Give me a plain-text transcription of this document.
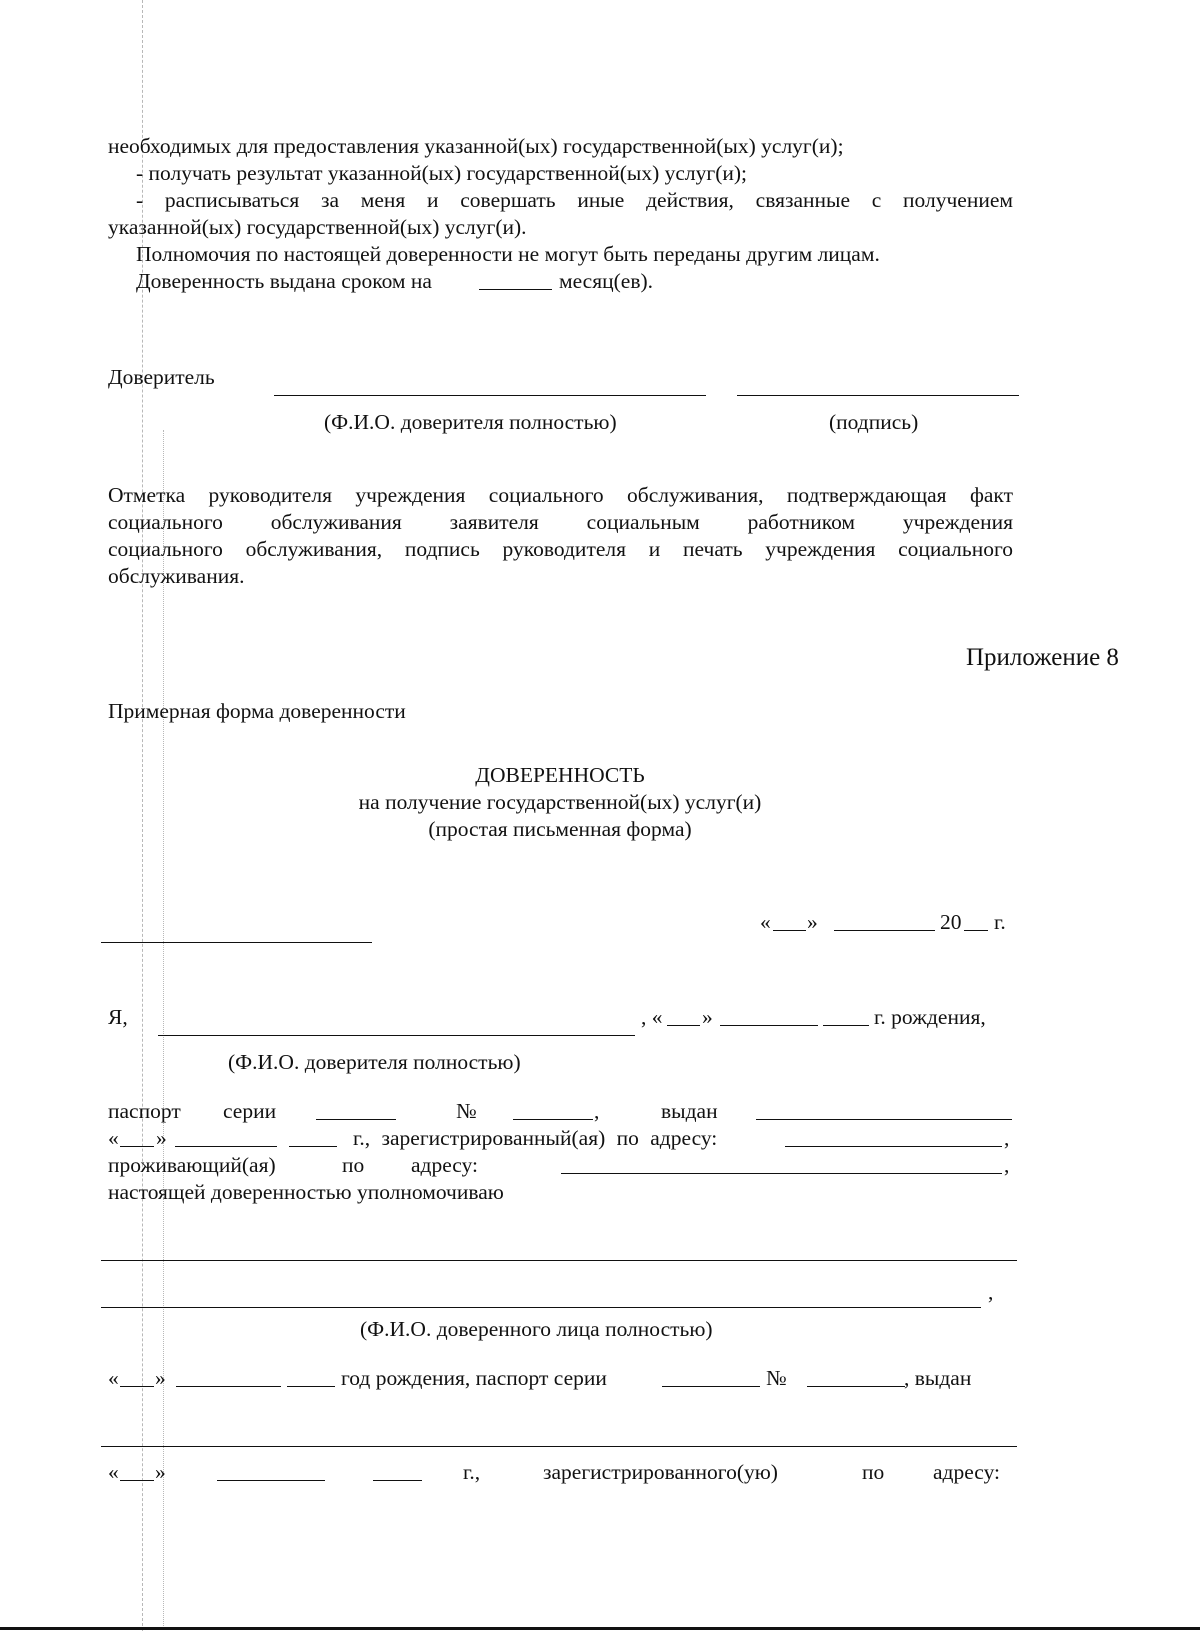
необходимых для предоставления указанной(ых) государственной(ых) услуг(и);

- получать результат указанной(ых) государственной(ых) услуг(и);

- расписываться за меня и совершать иные действия, связанные с получением

указанной(ых) государственной(ых) услуг(и).

Полномочия по настоящей доверенности не могут быть переданы другим лицам.

Доверенность выдана сроком на	месяц(ев).

Доверитель

(Ф.И.О. доверителя полностью)	(подпись)

Отметка руководителя учреждения социального обслуживания, подтверждающая факт

социального обслуживания заявителя социальным работником учреждения

социального обслуживания, подпись руководителя и печать учреждения социального

обслуживания.

Приложение 8

Примерная форма доверенности

ДОВЕРЕННОСТЬ

на получение государственной(ых) услуг(и)

(простая письменная форма)

« »	20 г.

Я,	, « »	г. рождения,

(Ф.И.О. доверителя полностью)

паспорт серии	№	,	выдан

« »	г., зарегистрированный(ая) по адресу:	,

проживающий(ая)	по адресу:	,

настоящей доверенностью уполномочиваю

,

(Ф.И.О. доверенного лица полностью)

« »	год рождения, паспорт серии	№	, выдан

« »	г.,	зарегистрированного(ую)	по адресу:
